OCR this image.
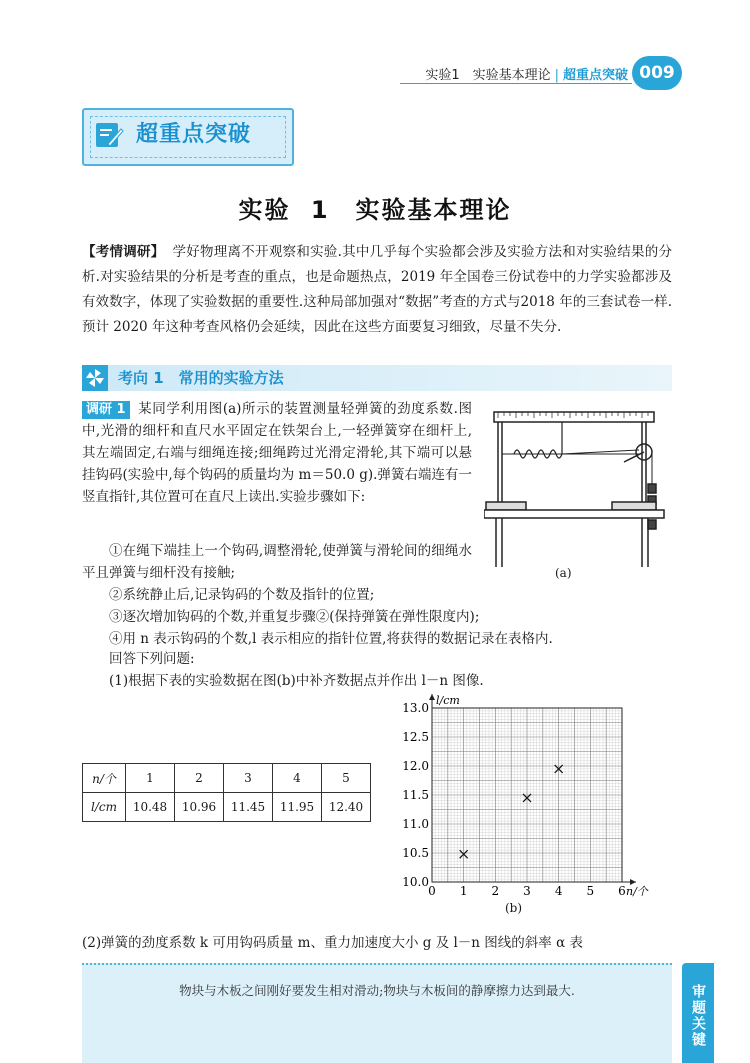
实验1　实验基本理论 | 超重点突破 009
超重点突破
实验 1　实验基本理论
【考情调研】 学好物理离不开观察和实验.其中几乎每个实验都会涉及实验方法和对实验结果的分析.对实验结果的分析是考查的重点，也是命题热点，2019 年全国卷三份试卷中的力学实验都涉及有效数字，体现了实验数据的重要性.这种局部加强对“数据”考查的方式与2018 年的三套试卷一样.预计 2020 年这种考查风格仍会延续，因此在这些方面要复习细致，尽量不失分.
考向 1　常用的实验方法
调研 1 某同学利用图(a)所示的装置测量轻弹簧的劲度系数.图中,光滑的细杆和直尺水平固定在铁架台上,一轻弹簧穿在细杆上,其左端固定,右端与细绳连接;细绳跨过光滑定滑轮,其下端可以悬挂钩码(实验中,每个钩码的质量均为 m＝50.0 g).弹簧右端连有一竖直指针,其位置可在直尺上读出.实验步骤如下:
①在绳下端挂上一个钩码,调整滑轮,使弹簧与滑轮间的细绳水平且弹簧与细杆没有接触;
②系统静止后,记录钩码的个数及指针的位置;
③逐次增加钩码的个数,并重复步骤②(保持弹簧在弹性限度内);
④用 n 表示钩码的个数,l 表示相应的指针位置,将获得的数据记录在表格内.
回答下列问题:
(1)根据下表的实验数据在图(b)中补齐数据点并作出 l－n 图像.
(a)
n/个	1	2	3	4	5
l/cm	10.48	10.96	11.45	11.95	12.40
0 1 2 3 4 5 6
10.0
10.5
11.0
11.5
12.0
12.5
13.0
l/cm
n/个
(b)
(2)弹簧的劲度系数 k 可用钩码质量 m、重力加速度大小 g 及 l－n 图线的斜率 α 表
物块与木板之间刚好要发生相对滑动;物块与木板间的静摩擦力达到最大.	审题关键
